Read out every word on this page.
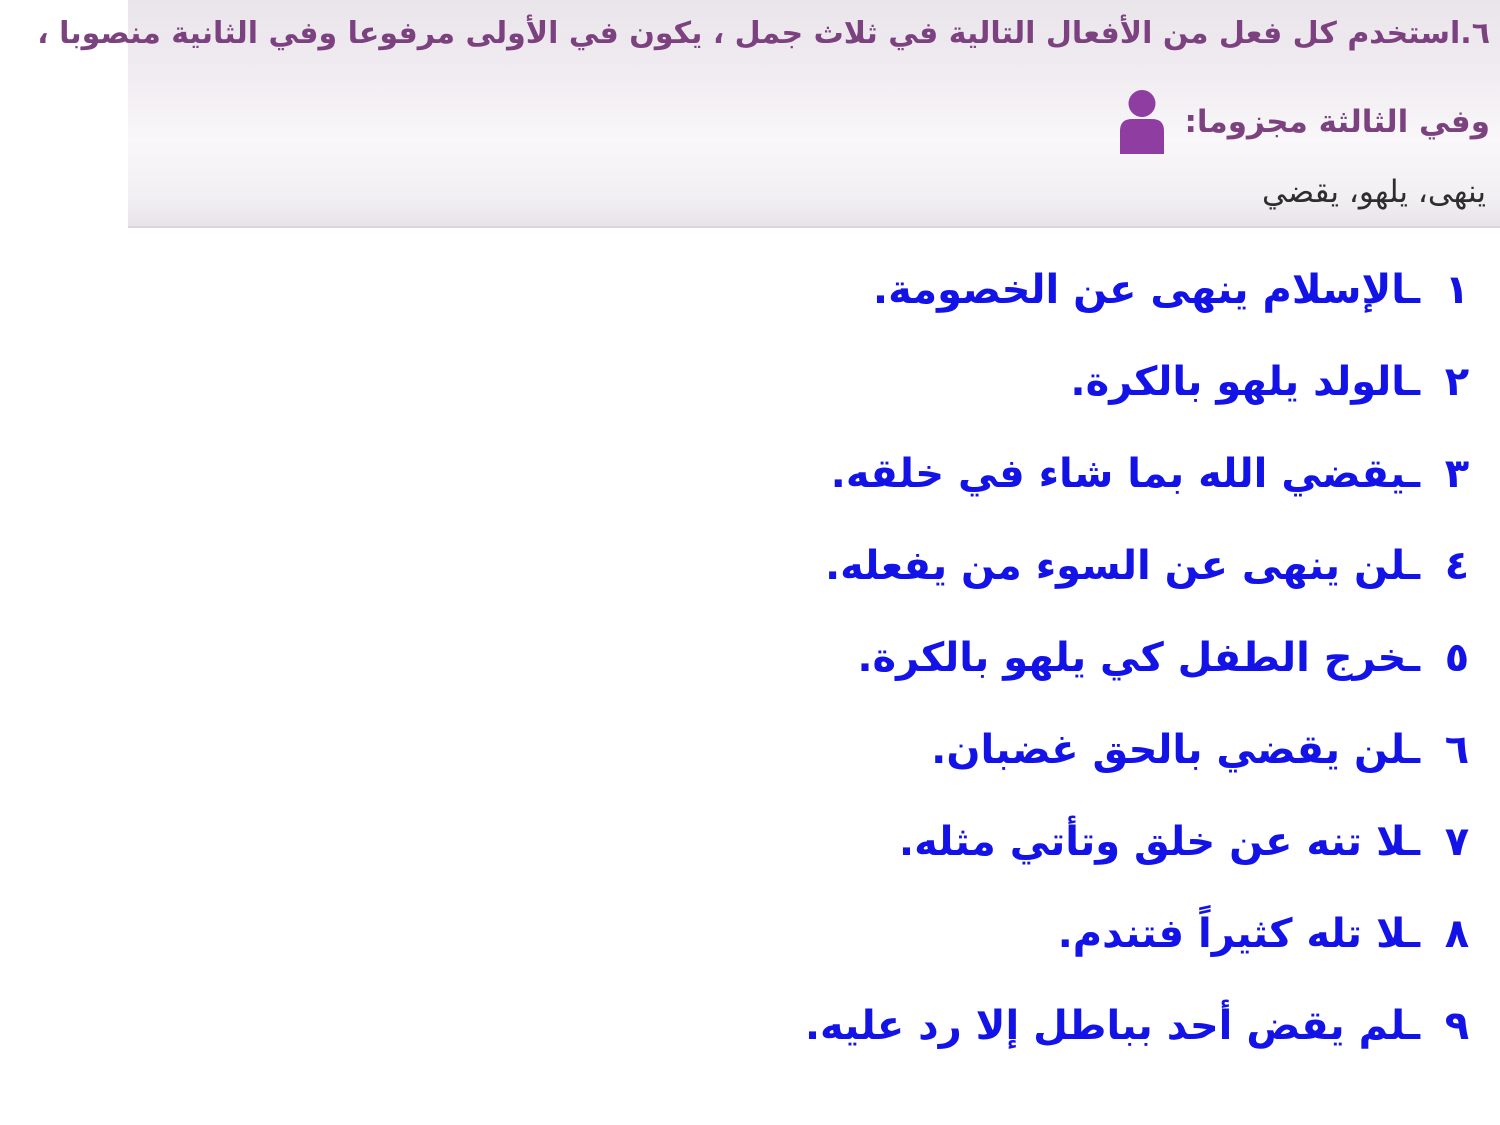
٦.استخدم كل فعل من الأفعال التالية في ثلاث جمل ، يكون في الأولى مرفوعا وفي الثانية منصوبا ،
وفي الثالثة مجزوما:
ينهى، يلهو، يقضي
١
ـالإسلام ينهى عن الخصومة.
٢
ـالولد يلهو بالكرة.
٣
ـيقضي الله بما شاء في خلقه.
٤
ـلن ينهى عن السوء من يفعله.
٥
ـخرج الطفل كي يلهو بالكرة.
٦
ـلن يقضي بالحق غضبان.
٧
ـلا تنه عن خلق وتأتي مثله.
٨
ـلا تله كثيراً فتندم.
٩
ـلم يقض أحد بباطل إلا رد عليه.
